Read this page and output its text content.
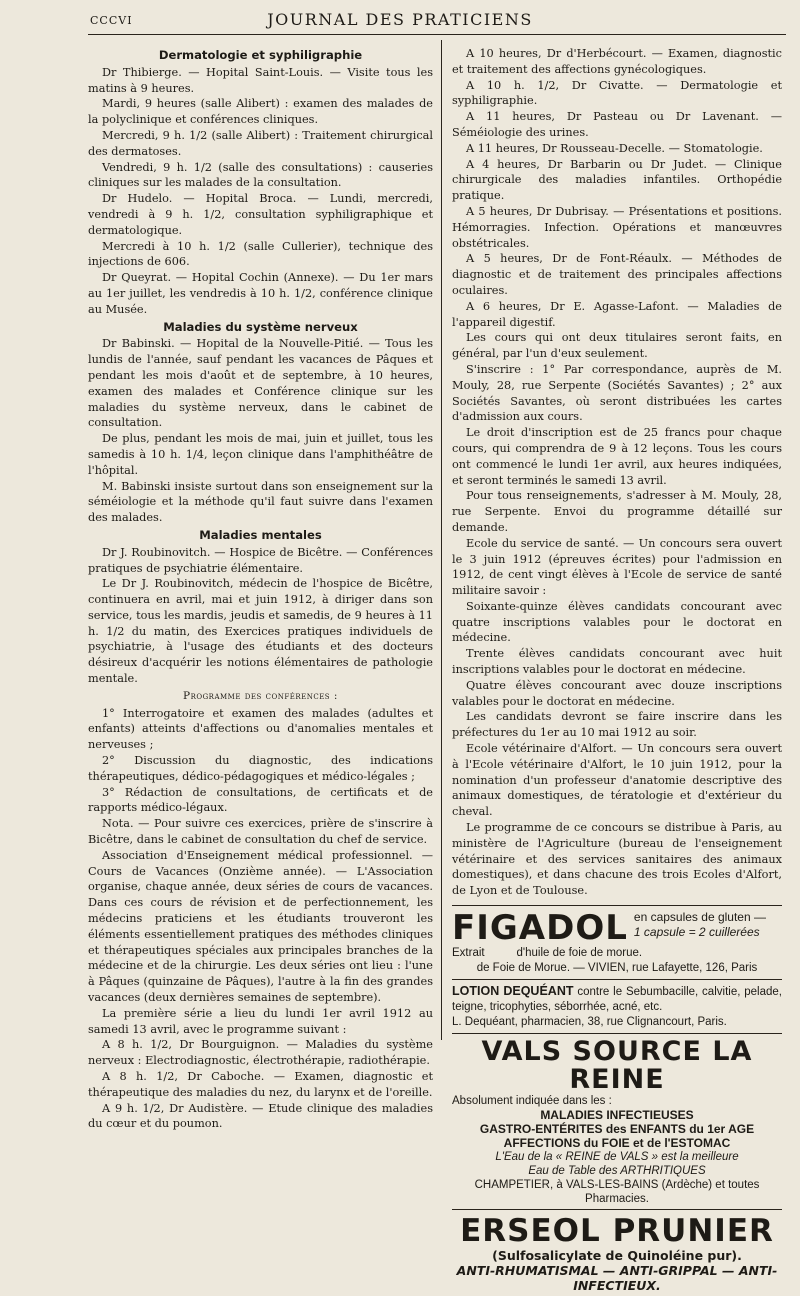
CCCVI	JOURNAL DES PRATICIENS
Dermatologie et syphiligraphie

Dr Thibierge. — Hopital Saint-Louis. — Visite tous les matins à 9 heures.

Mardi, 9 heures (salle Alibert) : examen des malades de la polyclinique et conférences cliniques.

Mercredi, 9 h. 1/2 (salle Alibert) : Traitement chirurgical des dermatoses.

Vendredi, 9 h. 1/2 (salle des consultations) : causeries cliniques sur les malades de la consultation.

Dr Hudelo. — Hopital Broca. — Lundi, mercredi, vendredi à 9 h. 1/2, consultation syphiligraphique et dermatologique.

Mercredi à 10 h. 1/2 (salle Cullerier), technique des injections de 606.

Dr Queyrat. — Hopital Cochin (Annexe). — Du 1er mars au 1er juillet, les vendredis à 10 h. 1/2, conférence clinique au Musée.

Maladies du système nerveux

Dr Babinski. — Hopital de la Nouvelle-Pitié. — Tous les lundis de l'année, sauf pendant les vacances de Pâques et pendant les mois d'août et de septembre, à 10 heures, examen des malades et Conférence clinique sur les maladies du système nerveux, dans le cabinet de consultation.

De plus, pendant les mois de mai, juin et juillet, tous les samedis à 10 h. 1/4, leçon clinique dans l'amphithéâtre de l'hôpital.

M. Babinski insiste surtout dans son enseignement sur la séméiologie et la méthode qu'il faut suivre dans l'examen des malades.

Maladies mentales

Dr J. Roubinovitch. — Hospice de Bicêtre. — Conférences pratiques de psychiatrie élémentaire.

Le Dr J. Roubinovitch, médecin de l'hospice de Bicêtre, continuera en avril, mai et juin 1912, à diriger dans son service, tous les mardis, jeudis et samedis, de 9 heures à 11 h. 1/2 du matin, des Exercices pratiques individuels de psychiatrie, à l'usage des étudiants et des docteurs désireux d'acquérir les notions élémentaires de pathologie mentale.

Programme des conférences :

1° Interrogatoire et examen des malades (adultes et enfants) atteints d'affections ou d'anomalies mentales et nerveuses ;

2° Discussion du diagnostic, des indications thérapeutiques, dédico-pédagogiques et médico-légales ;

3° Rédaction de consultations, de certificats et de rapports médico-légaux.

Nota. — Pour suivre ces exercices, prière de s'inscrire à Bicêtre, dans le cabinet de consultation du chef de service.

Association d'Enseignement médical professionnel. — Cours de Vacances (Onzième année). — L'Association organise, chaque année, deux séries de cours de vacances. Dans ces cours de révision et de perfectionnement, les médecins praticiens et les étudiants trouveront les éléments essentiellement pratiques des méthodes cliniques et thérapeutiques spéciales aux principales branches de la médecine et de la chirurgie. Les deux séries ont lieu : l'une à Pâques (quinzaine de Pâques), l'autre à la fin des grandes vacances (deux dernières semaines de septembre).

La première série a lieu du lundi 1er avril 1912 au samedi 13 avril, avec le programme suivant :

A 8 h. 1/2, Dr Bourguignon. — Maladies du système nerveux : Electrodiagnostic, électrothérapie, radiothérapie.

A 8 h. 1/2, Dr Caboche. — Examen, diagnostic et thérapeutique des maladies du nez, du larynx et de l'oreille.

A 9 h. 1/2, Dr Audistère. — Etude clinique des maladies du cœur et du poumon.

A 10 heures, Dr d'Herbécourt. — Examen, diagnostic et traitement des affections gynécologiques.

A 10 h. 1/2, Dr Civatte. — Dermatologie et syphiligraphie.

A 11 heures, Dr Pasteau ou Dr Lavenant. — Séméiologie des urines.

A 11 heures, Dr Rousseau-Decelle. — Stomatologie.

A 4 heures, Dr Barbarin ou Dr Judet. — Clinique chirurgicale des maladies infantiles. Orthopédie pratique.

A 5 heures, Dr Dubrisay. — Présentations et positions. Hémorragies. Infection. Opérations et manœuvres obstétricales.

A 5 heures, Dr de Font-Réaulx. — Méthodes de diagnostic et de traitement des principales affections oculaires.

A 6 heures, Dr E. Agasse-Lafont. — Maladies de l'appareil digestif.

Les cours qui ont deux titulaires seront faits, en général, par l'un d'eux seulement.

S'inscrire : 1° Par correspondance, auprès de M. Mouly, 28, rue Serpente (Sociétés Savantes) ; 2° aux Sociétés Savantes, où seront distribuées les cartes d'admission aux cours.

Le droit d'inscription est de 25 francs pour chaque cours, qui comprendra de 9 à 12 leçons. Tous les cours ont commencé le lundi 1er avril, aux heures indiquées, et seront terminés le samedi 13 avril.

Pour tous renseignements, s'adresser à M. Mouly, 28, rue Serpente. Envoi du programme détaillé sur demande.

Ecole du service de santé. — Un concours sera ouvert le 3 juin 1912 (épreuves écrites) pour l'admission en 1912, de cent vingt élèves à l'Ecole de service de santé militaire savoir :

Soixante-quinze élèves candidats concourant avec quatre inscriptions valables pour le doctorat en médecine.

Trente élèves candidats concourant avec huit inscriptions valables pour le doctorat en médecine.

Quatre élèves concourant avec douze inscriptions valables pour le doctorat en médecine.

Les candidats devront se faire inscrire dans les préfectures du 1er au 10 mai 1912 au soir.

Ecole vétérinaire d'Alfort. — Un concours sera ouvert à l'Ecole vétérinaire d'Alfort, le 10 juin 1912, pour la nomination d'un professeur d'anatomie descriptive des animaux domestiques, de tératologie et d'extérieur du cheval.

Le programme de ce concours se distribue à Paris, au ministère de l'Agriculture (bureau de l'enseignement vétérinaire et des services sanitaires des animaux domestiques), et dans chacune des trois Ecoles d'Alfort, de Lyon et de Toulouse.

FIGADOL en capsules de gluten —
1 capsule = 2 cuillerées
Extrait          d'huile de foie de morue.
de Foie de Morue. — VIVIEN, rue Lafayette, 126, Paris
LOTION DEQUÉANT contre le Sebumbacille, calvitie, pelade, teigne, tricophyties, séborrhée, acné, etc.
L. Dequéant, pharmacien, 38, rue Clignancourt, Paris.
VALS SOURCE LA REINE
Absolument indiquée dans les :
MALADIES INFECTIEUSES
GASTRO-ENTÉRITES des ENFANTS du 1er AGE
AFFECTIONS du FOIE et de l'ESTOMAC
L'Eau de la « REINE de VALS » est la meilleure
Eau de Table des ARTHRITIQUES
CHAMPETIER, à VALS-LES-BAINS (Ardèche) et toutes Pharmacies.
ERSEOL PRUNIER
(Sulfosalicylate de Quinoléine pur).
ANTI-RHUMATISMAL — ANTI-GRIPPAL — ANTI-INFECTIEUX.
